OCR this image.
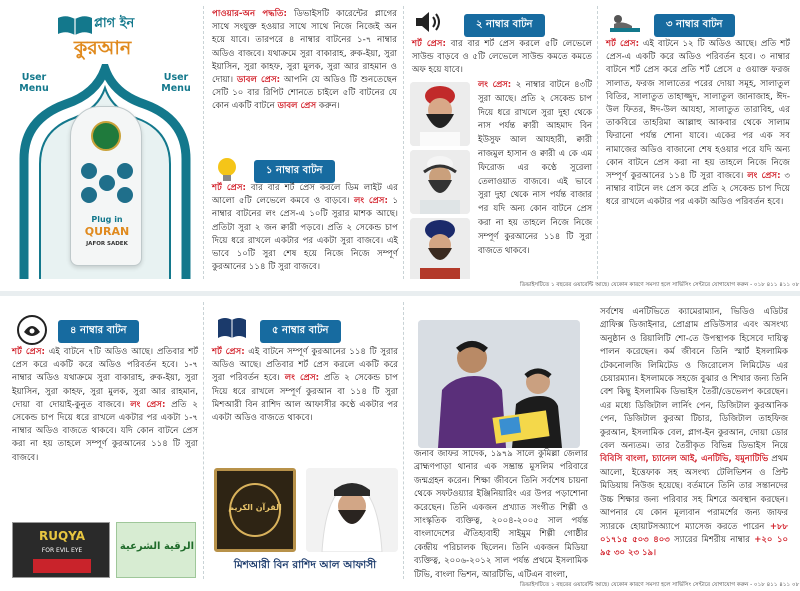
প্লাগ ইন
কুরআন
User Menu
User Menu
Plug in
QURAN
JAFOR SADEK
পাওয়ার-অন পদ্ধতি: ডিভাইসটি কারেন্টের প্লাগের সাথে সংযুক্ত হওয়ার সাথে সাথে নিজে নিজেই অন হয়ে যাবে। তারপরে ৪ নাম্বার বাটনের ১-৭ নাম্বার অডিও বাজবে। যথাক্রমে সুরা বাকারাহ, রুক-ইয়া, সুরা ইয়াসিন, সুরা কাহফ, সুরা মুলক, সুরা আর রাহমান ও দোয়া। ডাবল প্রেস: আপনি যে অডিও টি শুনতেছেন সেটি ১০ বার রিপিট শোনতে চাইলে ৫টি বাটনের যে কোন একটি বাটনে ডাবল প্রেস করুন।
১ নাম্বার বাটন
শর্ট প্রেস: বার বার শর্ট প্রেস করলে ডিম লাইট এর আলো ৫টি লেভেলে কমবে ও বাড়বে। লং প্রেস: ১ নাম্বার বাটনের লং প্রেস-এ ১০টি সুরার মাশক আছে। প্রতিটা সুরা ২ জন ক্বারী পড়বে। প্রতি ২ সেকেন্ড চাপ দিয়ে ধরে রাখলে একটার পর একটা সুরা বাজবে। এই ভাবে ১০টি সুরা শেষ হয়ে নিজে নিজে সম্পূর্ণ কুরআনের ১১৪ টি সুরা বাজবে।
২ নাম্বার বাটন
শর্ট প্রেস: বার বার শর্ট প্রেস করলে ৫টি লেভেলে সাউন্ড বাড়বে ও ৫টি লেভেলে সাউন্ড কমতে কমতে অফ হয়ে যাবে।
লং প্রেস: ২ নাম্বার বাটনে ৪৩টি সুরা আছে। প্রতি ২ সেকেন্ড চাপ দিয়ে ধরে রাখলে সুরা দুহা থেকে নাস পর্যন্ত ক্বারী আহমাদ বিন ইউসুফ আল আযহারী, ক্বারী নাজমুল হাসান ও ক্বারী এ কে এম ফিরোজ এর কণ্ঠে সুরেলা তেলাওয়াত বাজবে। এই ভাবে সুরা দুহা থেকে নাস পর্যন্ত বাজার পর যদি অন্য কোন বাটনে প্রেস করা না হয় তাহলে নিজে নিজে সম্পূর্ণ কুরআনের ১১৪ টি সুরা বাজতে থাকবে।
৩ নাম্বার বাটন
শর্ট প্রেস: এই বাটনে ১২ টি অডিও আছে। প্রতি শর্ট প্রেস-এ একটি করে অডিও পরিবর্তন হবে। ৩ নাম্বার বাটনে শর্ট প্রেস করে প্রতি শর্ট প্রেসে ৫ ওয়াক্ত ফরজ সালাত, ফরজ সালাতের পরের দোয়া সমূহ, সালাতুল বিতির, সালাতুত তাহাজ্জুদ, সালাতুল জানাজাহ, ঈদ-উল ফিতর, ঈদ-উল আযহা, সালাতুত তারাবিহ, এর তাকবিরে তাহরিমা আল্লাহু আকবার থেকে সালাম ফিরানো পর্যন্ত শোনা যাবে। একের পর এক সব নামাজের অডিও বাজানো শেষ হওয়ার পরে যদি অন্য কোন বাটনে প্রেস করা না হয় তাহলে নিজে নিজে সম্পূর্ণ কুরআনের ১১৪ টি সুরা বাজবে। লং প্রেস: ৩ নাম্বার বাটনে লং প্রেস করে প্রতি ২ সেকেন্ড চাপ দিয়ে ধরে রাখলে একটার পর একটা অডিও পরিবর্তন হবে।
ডিভাইসটিতে ১ বছরের ওয়ারেন্টি আছে। যেকোন কারণে সমস্যা হলে সার্ভিসিং সেন্টারে যোগাযোগ করুন - ০১৮ ৪১১ ৪১১ ০৮
৪ নাম্বার বাটন
শর্ট প্রেস: এই বাটনে ৭টি অডিও আছে। প্রতিবার শর্ট প্রেস করে একটি করে অডিও পরিবর্তন হবে। ১-৭ নাম্বার অডিও যথাক্রমে সুরা বাকারাহ, রুক-ইয়া, সুরা ইয়াসিন, সুরা কাহফ, সুরা মুলক, সুরা আর রাহমান, দোয়া বা দোয়াই-কুনুত বাজবে। লং প্রেস: প্রতি ২ সেকেন্ড চাপ দিয়ে ধরে রাখলে একটার পর একটা ১-৭ নাম্বার অডিও বাজতে থাকবে। যদি কোন বাটনে প্রেস করা না হয় তাহলে সম্পূর্ণ কুরআনের ১১৪ টি সুরা বাজবে।
RUQYA
FOR EVIL EYE	الرقية الشرعية
৫ নাম্বার বাটন
শর্ট প্রেস: এই বাটনে সম্পূর্ণ কুরআনের ১১৪ টি সুরার অডিও আছে। প্রতিবার শর্ট প্রেস করলে একটি করে সুরা পরিবর্তন হবে। লং প্রেস: প্রতি ২ সেকেন্ড চাপ দিয়ে ধরে রাখলে সম্পূর্ণ কুরআন বা ১১৪ টি সুরা মিশআরী বিন রাশিদ আল আফাসীর কণ্ঠে একটার পর একটা অডিও বাজতে থাকবে।
القرآن الكريم
মিশআরী বিন রাশিদ আল আফাসী
জনাব জাফর সাদেক, ১৯৭৯ সালে কুমিল্লা জেলার ব্রাহ্মণপাড়া থানার এক সম্ভ্রান্ত মুসলিম পরিবারে জন্মগ্রহন করেন। শিক্ষা জীবনে তিনি সর্বশেষ চায়না থেকে সফটওয়্যার ইঞ্জিনিয়ারিং এর উপর পড়াশোনা করেছেন। তিনি একজন প্রখ্যাত সংগীত শিল্পী ও সাংস্কৃতিক ব্যক্তিত্ব, ২০০৪-২০০৫ সাল পর্যন্ত বাংলাদেশের ঐতিহ্যবাহী সাইমুম শিল্পী গোষ্ঠীর কেন্দ্রীয় পরিচালক ছিলেন। তিনি একজন মিডিয়া ব্যক্তিত্ব, ২০০৬-২০১২ সাল পর্যন্ত প্রথমে ইসলামিক টিভি, বাংলা ভিশন, আরটিভি, এটিএন বাংলা,
সর্বশেষ এনটিভিতে ক্যামেরাম্যান, ভিডিও এডিটর গ্রাফিক্স ডিজাইনার, প্রোগ্রাম প্রডিউসার এবং অসংখ্য অনুষ্ঠান ও রিয়ালিটি শো-তে উপস্থাপক হিসেবে দায়িত্ব পালন করেছেন। কর্ম জীবনে তিনি স্মার্ট ইসলামিক টেকনোলজি লিমিটেড ও জিরোলেস লিমিটেড এর চেয়ারম্যান। ইসলামকে সহজে বুঝার ও শিখার জন্য তিনি বেশ কিছু ইসলামিক ডিভাইস তৈরী/ডেভেলপ করেছেন। এর মধ্যে ডিজিটাল লার্নিং পেন, ডিজিটাল কুরআনিক পেন, ডিজিটাল কুরআ টিচার, ডিজিটাল তাহফিজ কুরআন, ইসলামিক বেল, প্লাগ-ইন কুরআন, দোয়া ডোর বেল অন্যতম। তার তৈরীকৃত বিভিন্ন ডিভাইস নিয়ে বিবিসি বাংলা, চ্যানেল আই, এনটিভি, যমুনাটিভি প্রথম আলো, ইত্তেফাক সহ অসংখ্য টেলিভিশন ও প্রিন্ট মিডিয়ায় নিউজ হয়েছে। বর্তমানে তিনি তার সন্তানদের উচ্চ শিক্ষার জন্য পরিবার সহ মিশরে অবস্থান করছেন। আপনার যে কোন মূল্যবান পরামর্শের জন্য জাফর স্যারকে হোয়াটসঅ্যাপে ম্যাসেজ করতে পারেন +৮৮ ০১৭১৫ ৫০৩ ৪০৩ স্যারের মিশরীয় নাম্বার +২০ ১০ ৯৫ ৩০ ২৩ ১৯।
ডিভাইসটিতে ১ বছরের ওয়ারেন্টি আছে। যেকোন কারণে সমস্যা হলে সার্ভিসিং সেন্টারে যোগাযোগ করুন - ০১৮ ৪১১ ৪১১ ০৮
